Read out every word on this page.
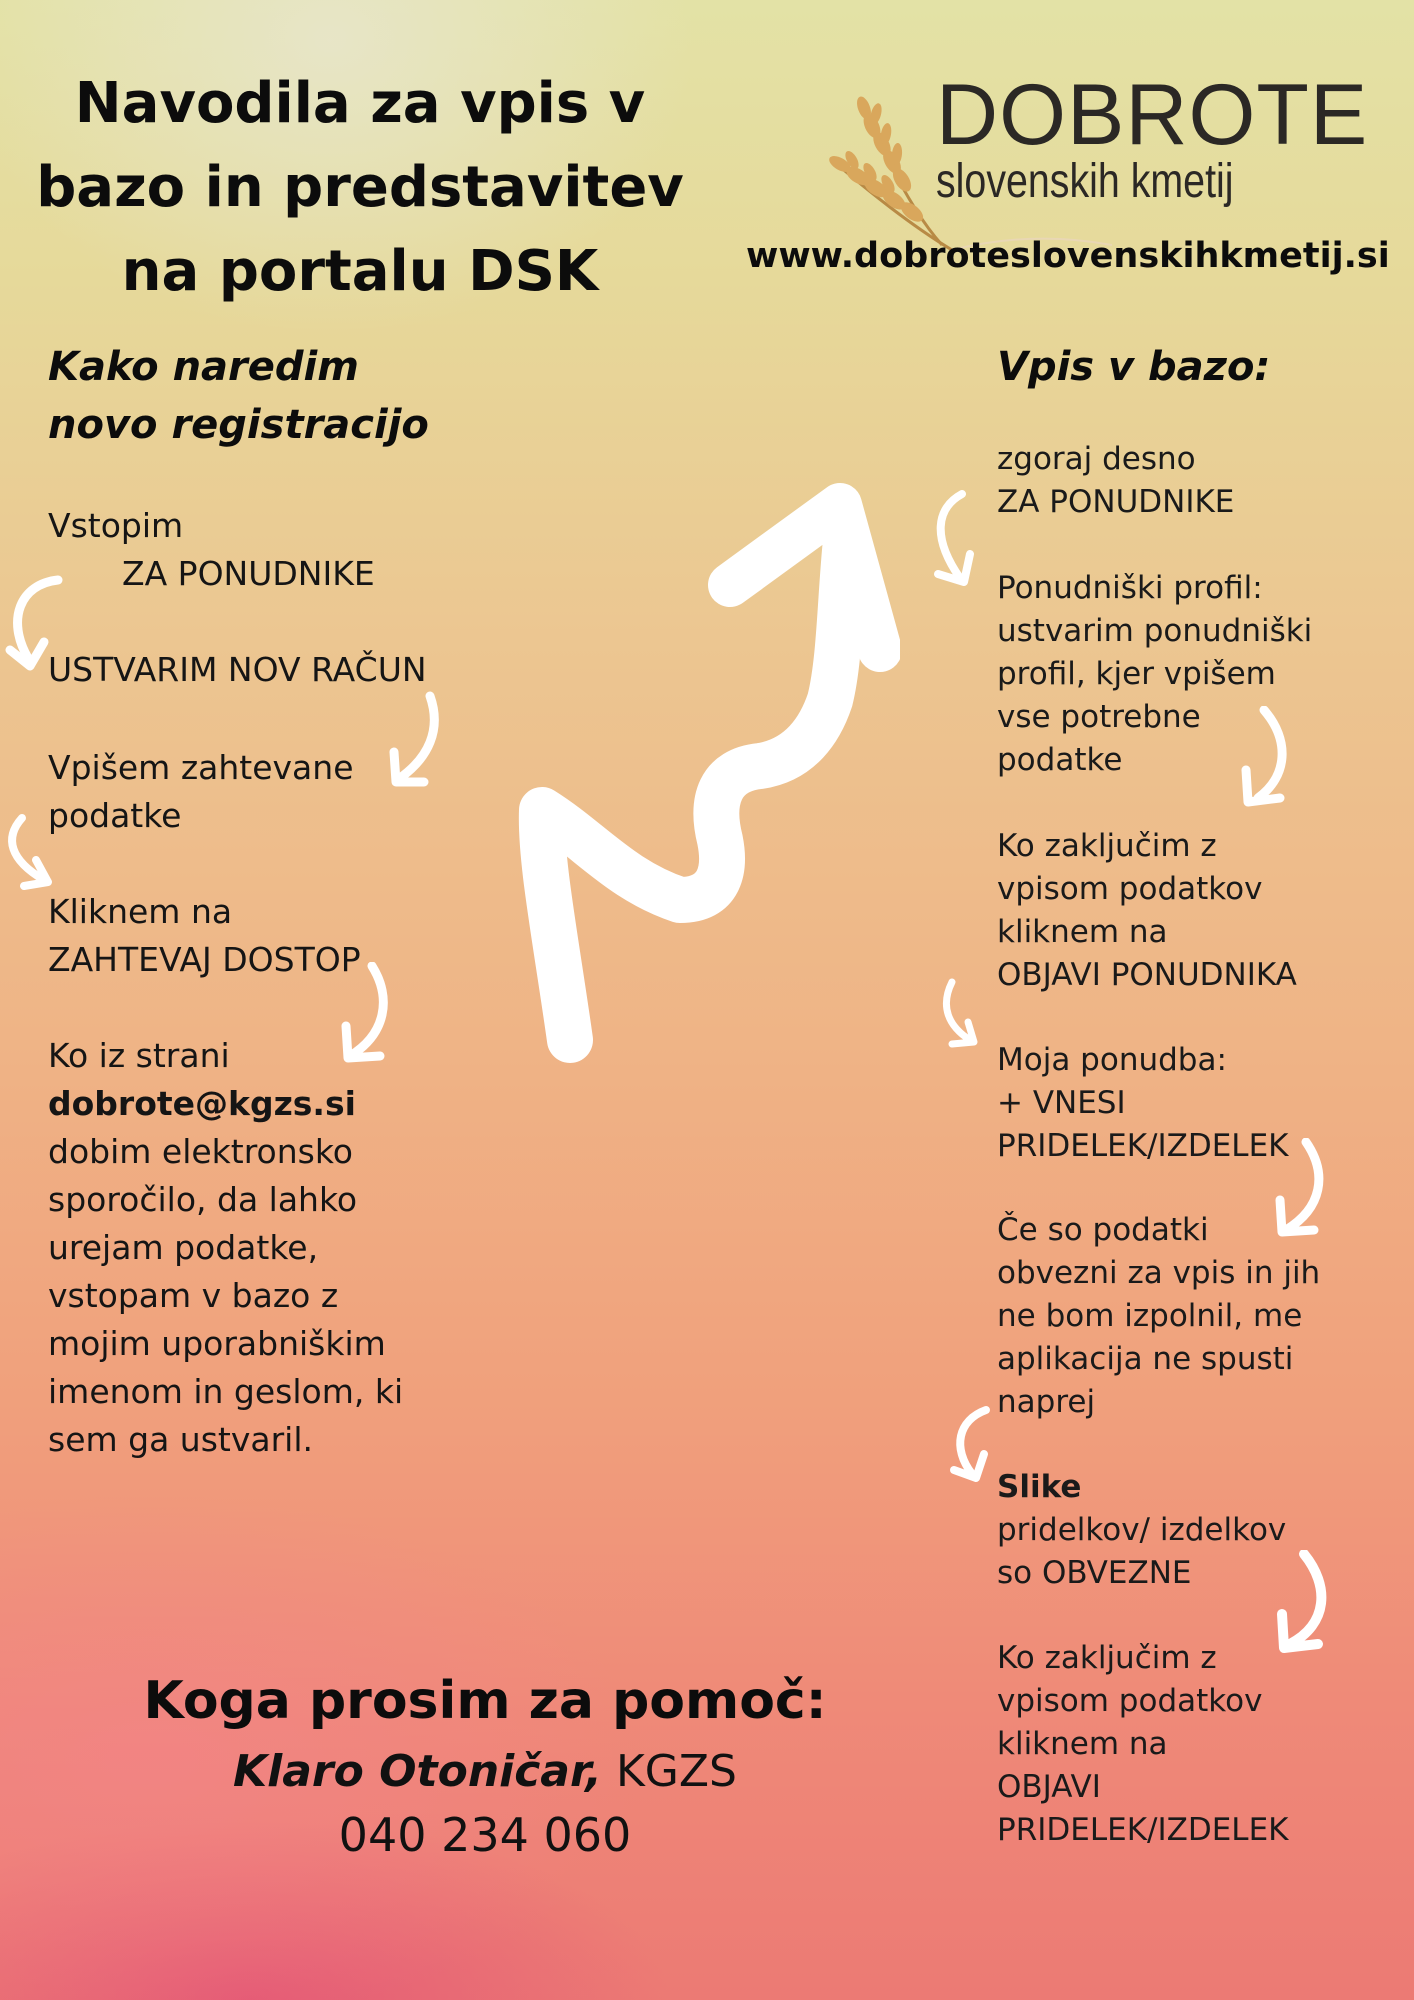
Navodila za vpis v
bazo in predstavitev
na portalu DSK
DOBROTE
slovenskih kmetij
www.dobroteslovenskihkmetij.si
Kako naredim
novo registracijo
Vstopim
ZA PONUDNIKE
USTVARIM NOV RAČUN
Vpišem zahtevane
podatke
Kliknem na
ZAHTEVAJ DOSTOP
Ko iz strani
dobrote@kgzs.si
dobim elektronsko
sporočilo, da lahko
urejam podatke,
vstopam v bazo z
mojim uporabniškim
imenom in geslom, ki
sem ga ustvaril.
Vpis v bazo:
zgoraj desno
ZA PONUDNIKE
Ponudniški profil:
ustvarim ponudniški
profil, kjer vpišem
vse potrebne
podatke
Ko zaključim z
vpisom podatkov
kliknem na
OBJAVI PONUDNIKA
Moja ponudba:
+ VNESI
PRIDELEK/IZDELEK
Če so podatki
obvezni za vpis in jih
ne bom izpolnil, me
aplikacija ne spusti
naprej
Slike
pridelkov/ izdelkov
so OBVEZNE
Ko zaključim z
vpisom podatkov
kliknem na
OBJAVI
PRIDELEK/IZDELEK
Koga prosim za pomoč:
Klaro Otoničar, KGZS
040 234 060
